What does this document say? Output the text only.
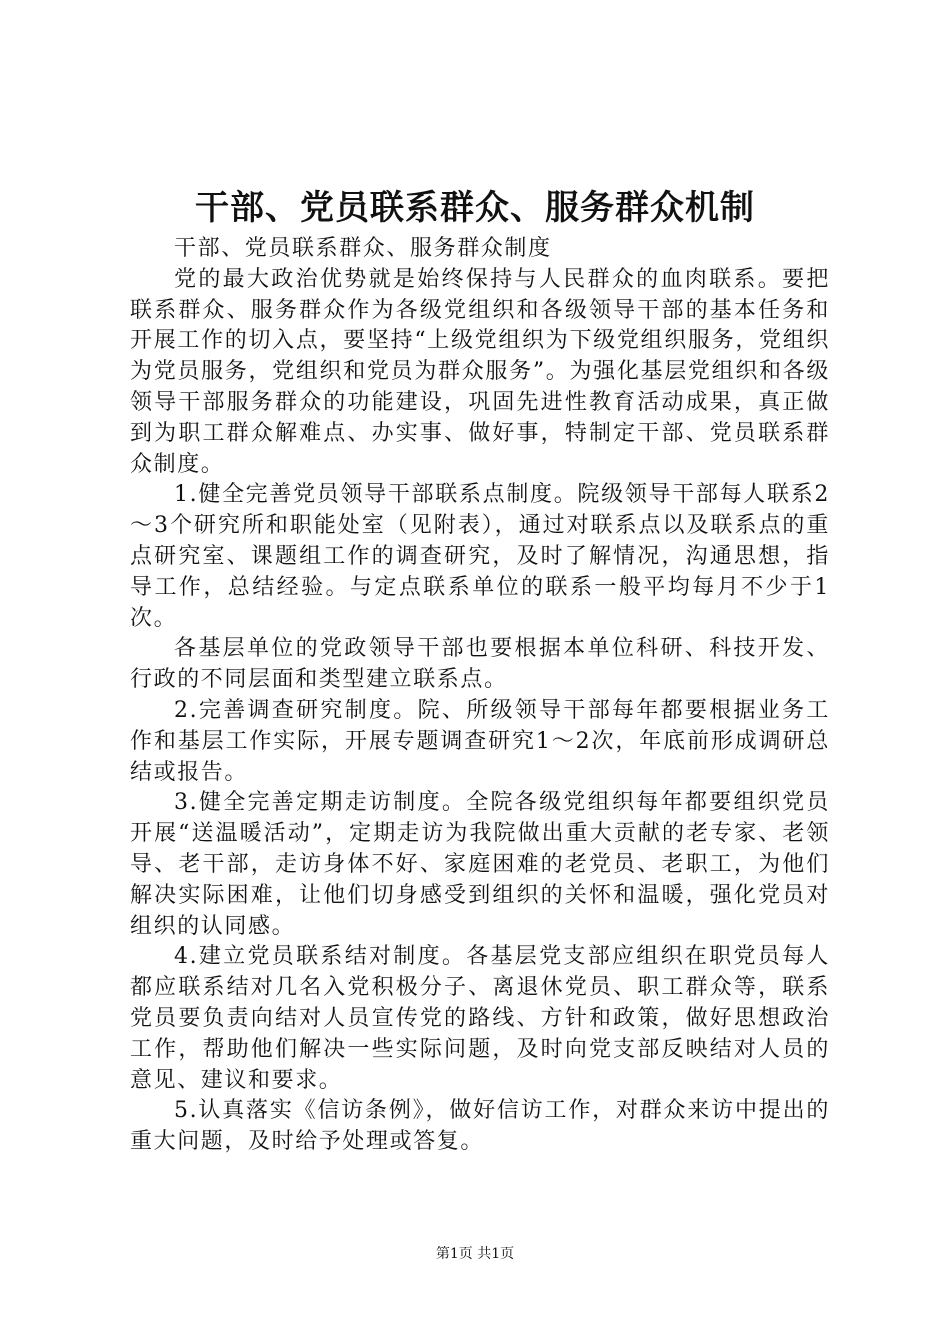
干部、党员联系群众、服务群众机制

干部、党员联系群众、服务群众制度

党的最大政治优势就是始终保持与人民群众的血肉联系。要把联系群众、服务群众作为各级党组织和各级领导干部的基本任务和开展工作的切入点，要坚持“上级党组织为下级党组织服务，党组织为党员服务，党组织和党员为群众服务”。为强化基层党组织和各级领导干部服务群众的功能建设，巩固先进性教育活动成果，真正做到为职工群众解难点、办实事、做好事，特制定干部、党员联系群众制度。

1.健全完善党员领导干部联系点制度。院级领导干部每人联系2～3个研究所和职能处室（见附表），通过对联系点以及联系点的重点研究室、课题组工作的调查研究，及时了解情况，沟通思想，指导工作，总结经验。与定点联系单位的联系一般平均每月不少于1次。

各基层单位的党政领导干部也要根据本单位科研、科技开发、行政的不同层面和类型建立联系点。

2.完善调查研究制度。院、所级领导干部每年都要根据业务工作和基层工作实际，开展专题调查研究1～2次，年底前形成调研总结或报告。

3.健全完善定期走访制度。全院各级党组织每年都要组织党员开展“送温暖活动”，定期走访为我院做出重大贡献的老专家、老领导、老干部，走访身体不好、家庭困难的老党员、老职工，为他们解决实际困难，让他们切身感受到组织的关怀和温暖，强化党员对组织的认同感。

4.建立党员联系结对制度。各基层党支部应组织在职党员每人都应联系结对几名入党积极分子、离退休党员、职工群众等，联系党员要负责向结对人员宣传党的路线、方针和政策，做好思想政治工作，帮助他们解决一些实际问题，及时向党支部反映结对人员的意见、建议和要求。

5.认真落实《信访条例》，做好信访工作，对群众来访中提出的重大问题，及时给予处理或答复。

第1页 共1页
